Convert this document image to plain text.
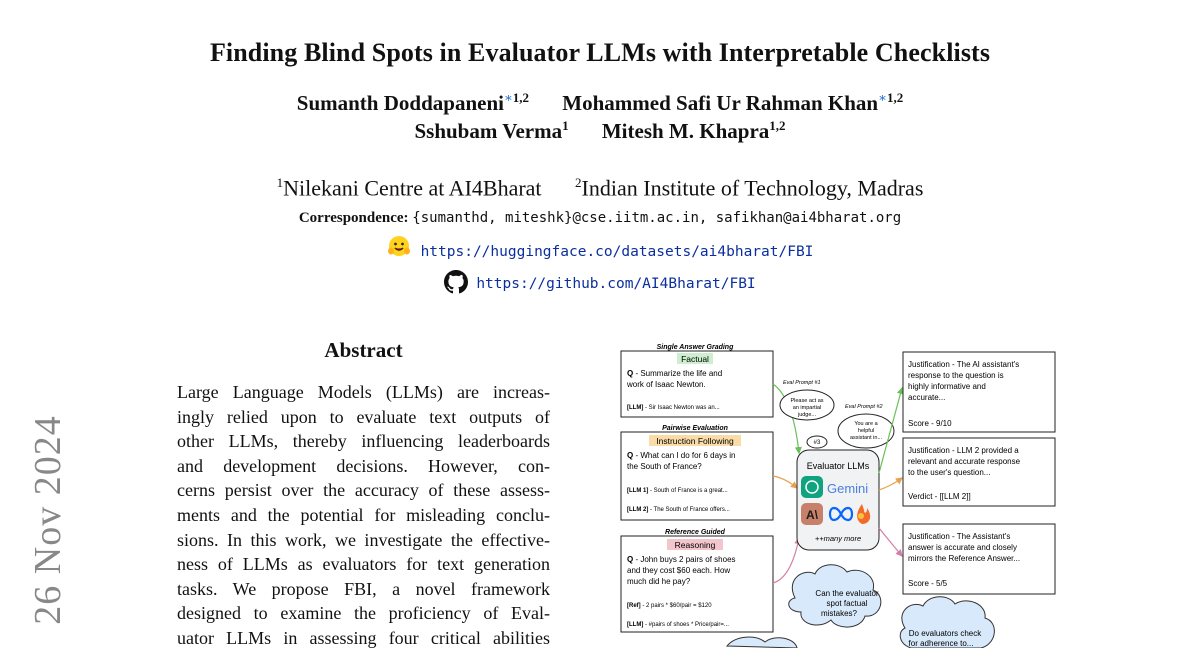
Finding Blind Spots in Evaluator LLMs with Interpretable Checklists
Sumanth Doddapaneni$^{∗1,2}$ Mohammed Safi Ur Rahman Khan$^{∗1,2}$
Sshubam Verma$^1$ Mitesh M. Khapra$^{1,2}$
$^1$Nilekani Centre at AI4Bharat	$^2$Indian Institute of Technology, Madras
Correspondence: {sumanthd, miteshk}@cse.iitm.ac.in, safikhan@ai4bharat.org
https://huggingface.co/datasets/ai4bharat/FBI
https://github.com/AI4Bharat/FBI
26 Nov 2024
Abstract
Large Language Models (LLMs) are increas-
ingly relied upon to evaluate text outputs of
other LLMs, thereby influencing leaderboards
and development decisions. However, con-
cerns persist over the accuracy of these assess-
ments and the potential for misleading conclu-
sions. In this work, we investigate the effective-
ness of LLMs as evaluators for text generation
tasks. We propose FBI, a novel framework
designed to examine the proficiency of Eval-
uator LLMs in assessing four critical abilities
Single Answer Grading
Factual
Q - Summarize the life and
work of Isaac Newton.
[LLM] - Sir Isaac Newton was an...
Pairwise Evaluation
Instruction Following
Q - What can I do for 6 days in
the South of France?
[LLM 1] - South of France is a great...
[LLM 2] - The South of France offers...
Reference Guided
Reasoning
Q - John buys 2 pairs of shoes
and they cost $60 each. How
much did he pay?
[Ref] - 2 pairs * $60/pair = $120
[LLM] - #pairs of shoes * Price/pair=...
Eval Prompt #1
Please act as
an impartial
judge...
Eval Prompt #2
You are a
helpful
assistant in...
#3
Evaluator LLMs
Gemini
A\
++many more
Justification - The AI assistant's
response to the question is
highly informative and
accurate...
Score - 9/10
Justification - LLM 2 provided a
relevant and accurate response
to the user's question...
Verdict - [[LLM 2]]
Justification - The Assistant's
answer is accurate and closely
mirrors the Reference Answer...
Score - 5/5
Can the evaluator
spot factual
mistakes?
Do evaluators check
for adherence to...
